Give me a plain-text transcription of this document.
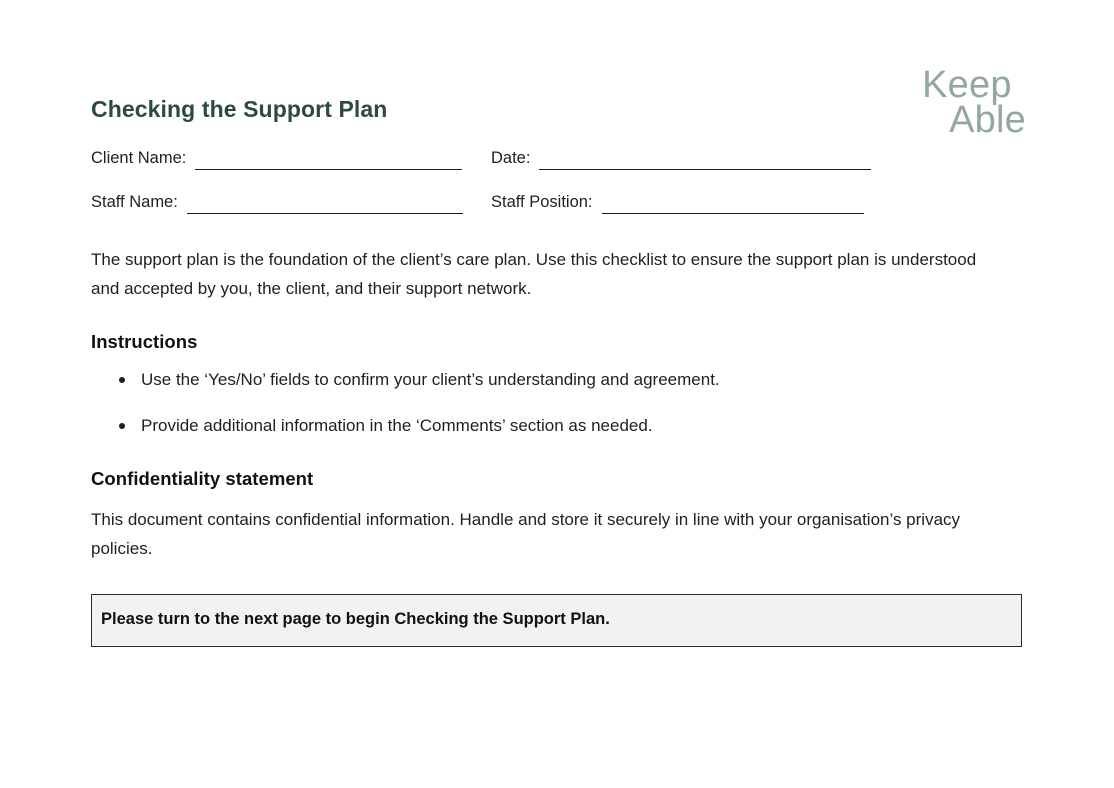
Keep
Able
Checking the Support Plan
Client Name:	Date:
Staff Name:	Staff Position:

The support plan is the foundation of the client’s care plan. Use this checklist to ensure the support plan is understood and accepted by you, the client, and their support network.

Instructions
Use the ‘Yes/No’ fields to confirm your client’s understanding and agreement.
Provide additional information in the ‘Comments’ section as needed.
Confidentiality statement

This document contains confidential information. Handle and store it securely in line with your organisation’s privacy policies.

Please turn to the next page to begin Checking the Support Plan.
